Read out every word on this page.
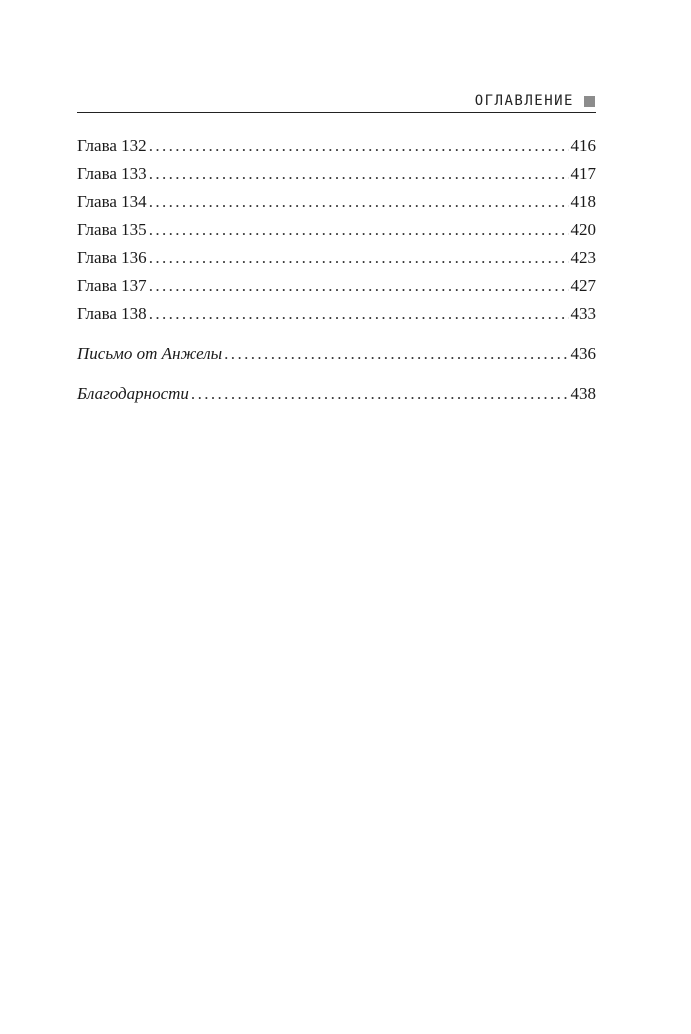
ОГЛАВЛЕНИЕ
Глава 132 .....	416
Глава 133 .....	417
Глава 134 .....	418
Глава 135 .....	420
Глава 136 .....	423
Глава 137 .....	427
Глава 138 .....	433
Письмо от Анжелы .....	436
Благодарности .....	438
